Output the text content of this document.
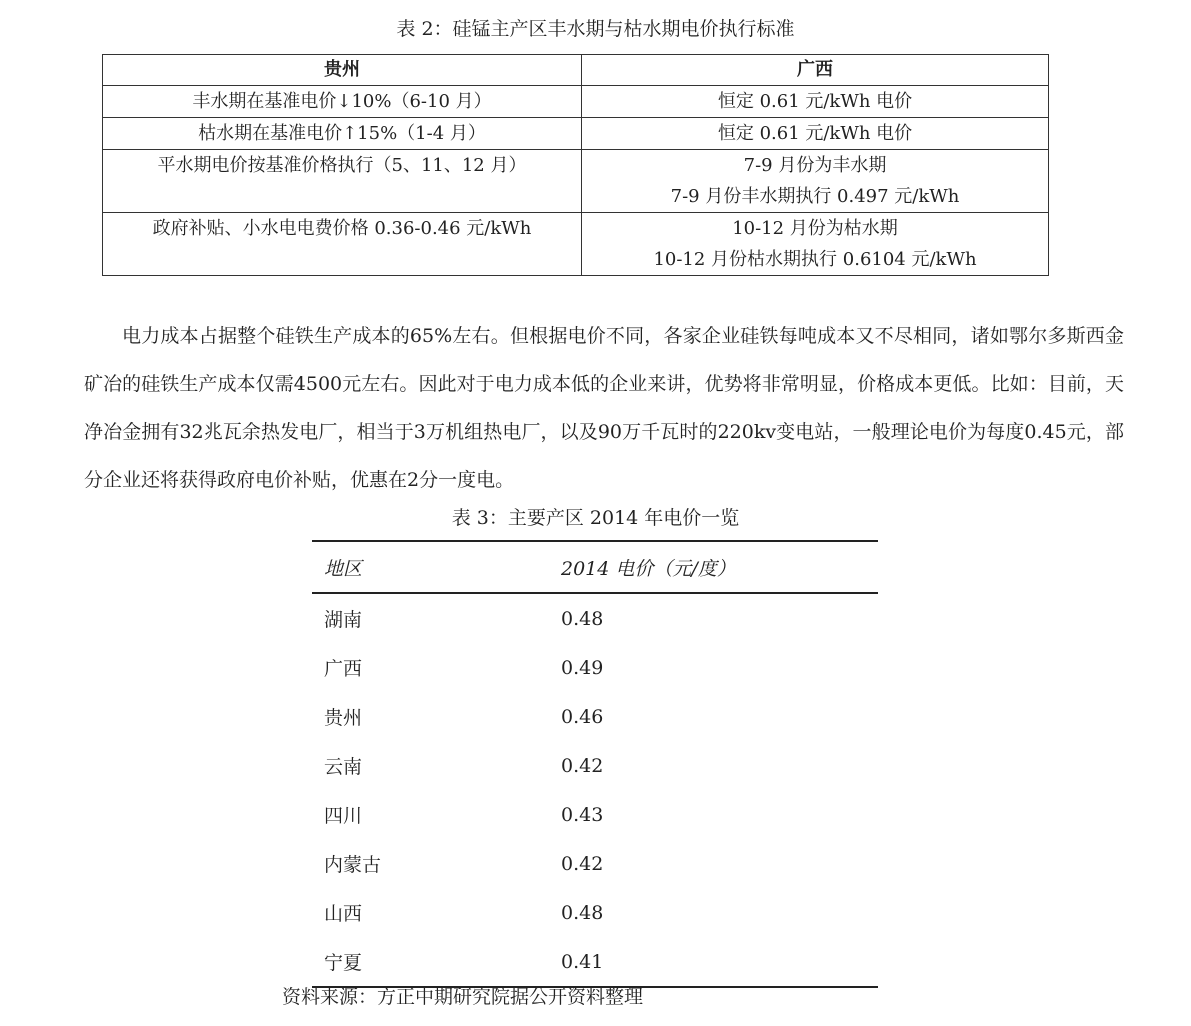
表 2：硅锰主产区丰水期与枯水期电价执行标准
贵州	广西

丰水期在基准电价↓10%（6-10 月）	恒定 0.61 元/kWh 电价

枯水期在基准电价↑15%（1-4 月）	恒定 0.61 元/kWh 电价

平水期电价按基准价格执行（5、11、12 月）	7-9 月份为丰水期
7-9 月份丰水期执行 0.497 元/kWh

政府补贴、小水电电费价格 0.36-0.46 元/kWh	10-12 月份为枯水期
10-12 月份枯水期执行 0.6104 元/kWh

电力成本占据整个硅铁生产成本的65%左右。但根据电价不同，各家企业硅铁每吨成本又不尽相同，诸如鄂尔多斯西金矿冶的硅铁生产成本仅需4500元左右。因此对于电力成本低的企业来讲，优势将非常明显，价格成本更低。比如：目前，天净冶金拥有32兆瓦余热发电厂，相当于3万机组热电厂，以及90万千瓦时的220kv变电站，一般理论电价为每度0.45元，部分企业还将获得政府电价补贴，优惠在2分一度电。

表 3：主要产区 2014 年电价一览
地区	2014 电价（元/度）
湖南	0.48
广西	0.49
贵州	0.46
云南	0.42
四川	0.43
内蒙古	0.42
山西	0.48
宁夏	0.41
资料来源：方正中期研究院据公开资料整理
